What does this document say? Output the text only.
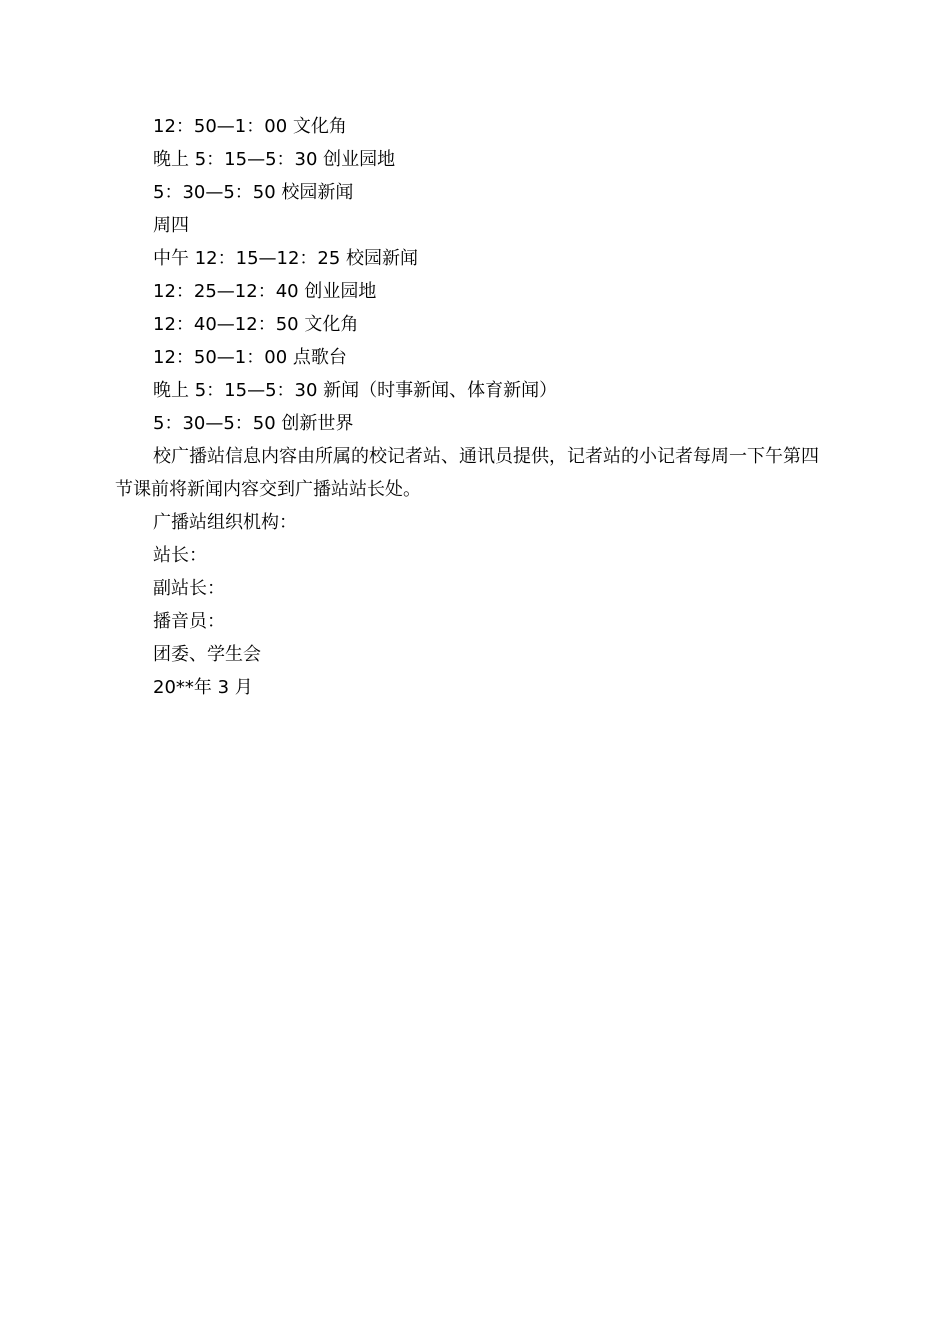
12：50—1：00 文化角
晚上 5：15—5：30 创业园地
5：30—5：50 校园新闻
周四
中午 12：15—12：25 校园新闻
12：25—12：40 创业园地
12：40—12：50 文化角
12：50—1：00 点歌台
晚上 5：15—5：30 新闻（时事新闻、体育新闻）
5：30—5：50 创新世界
校广播站信息内容由所属的校记者站、通讯员提供，记者站的小记者每周一下午第四节课前将新闻内容交到广播站站长处。
广播站组织机构：
站长：
副站长：
播音员：
团委、学生会
20**年 3 月
